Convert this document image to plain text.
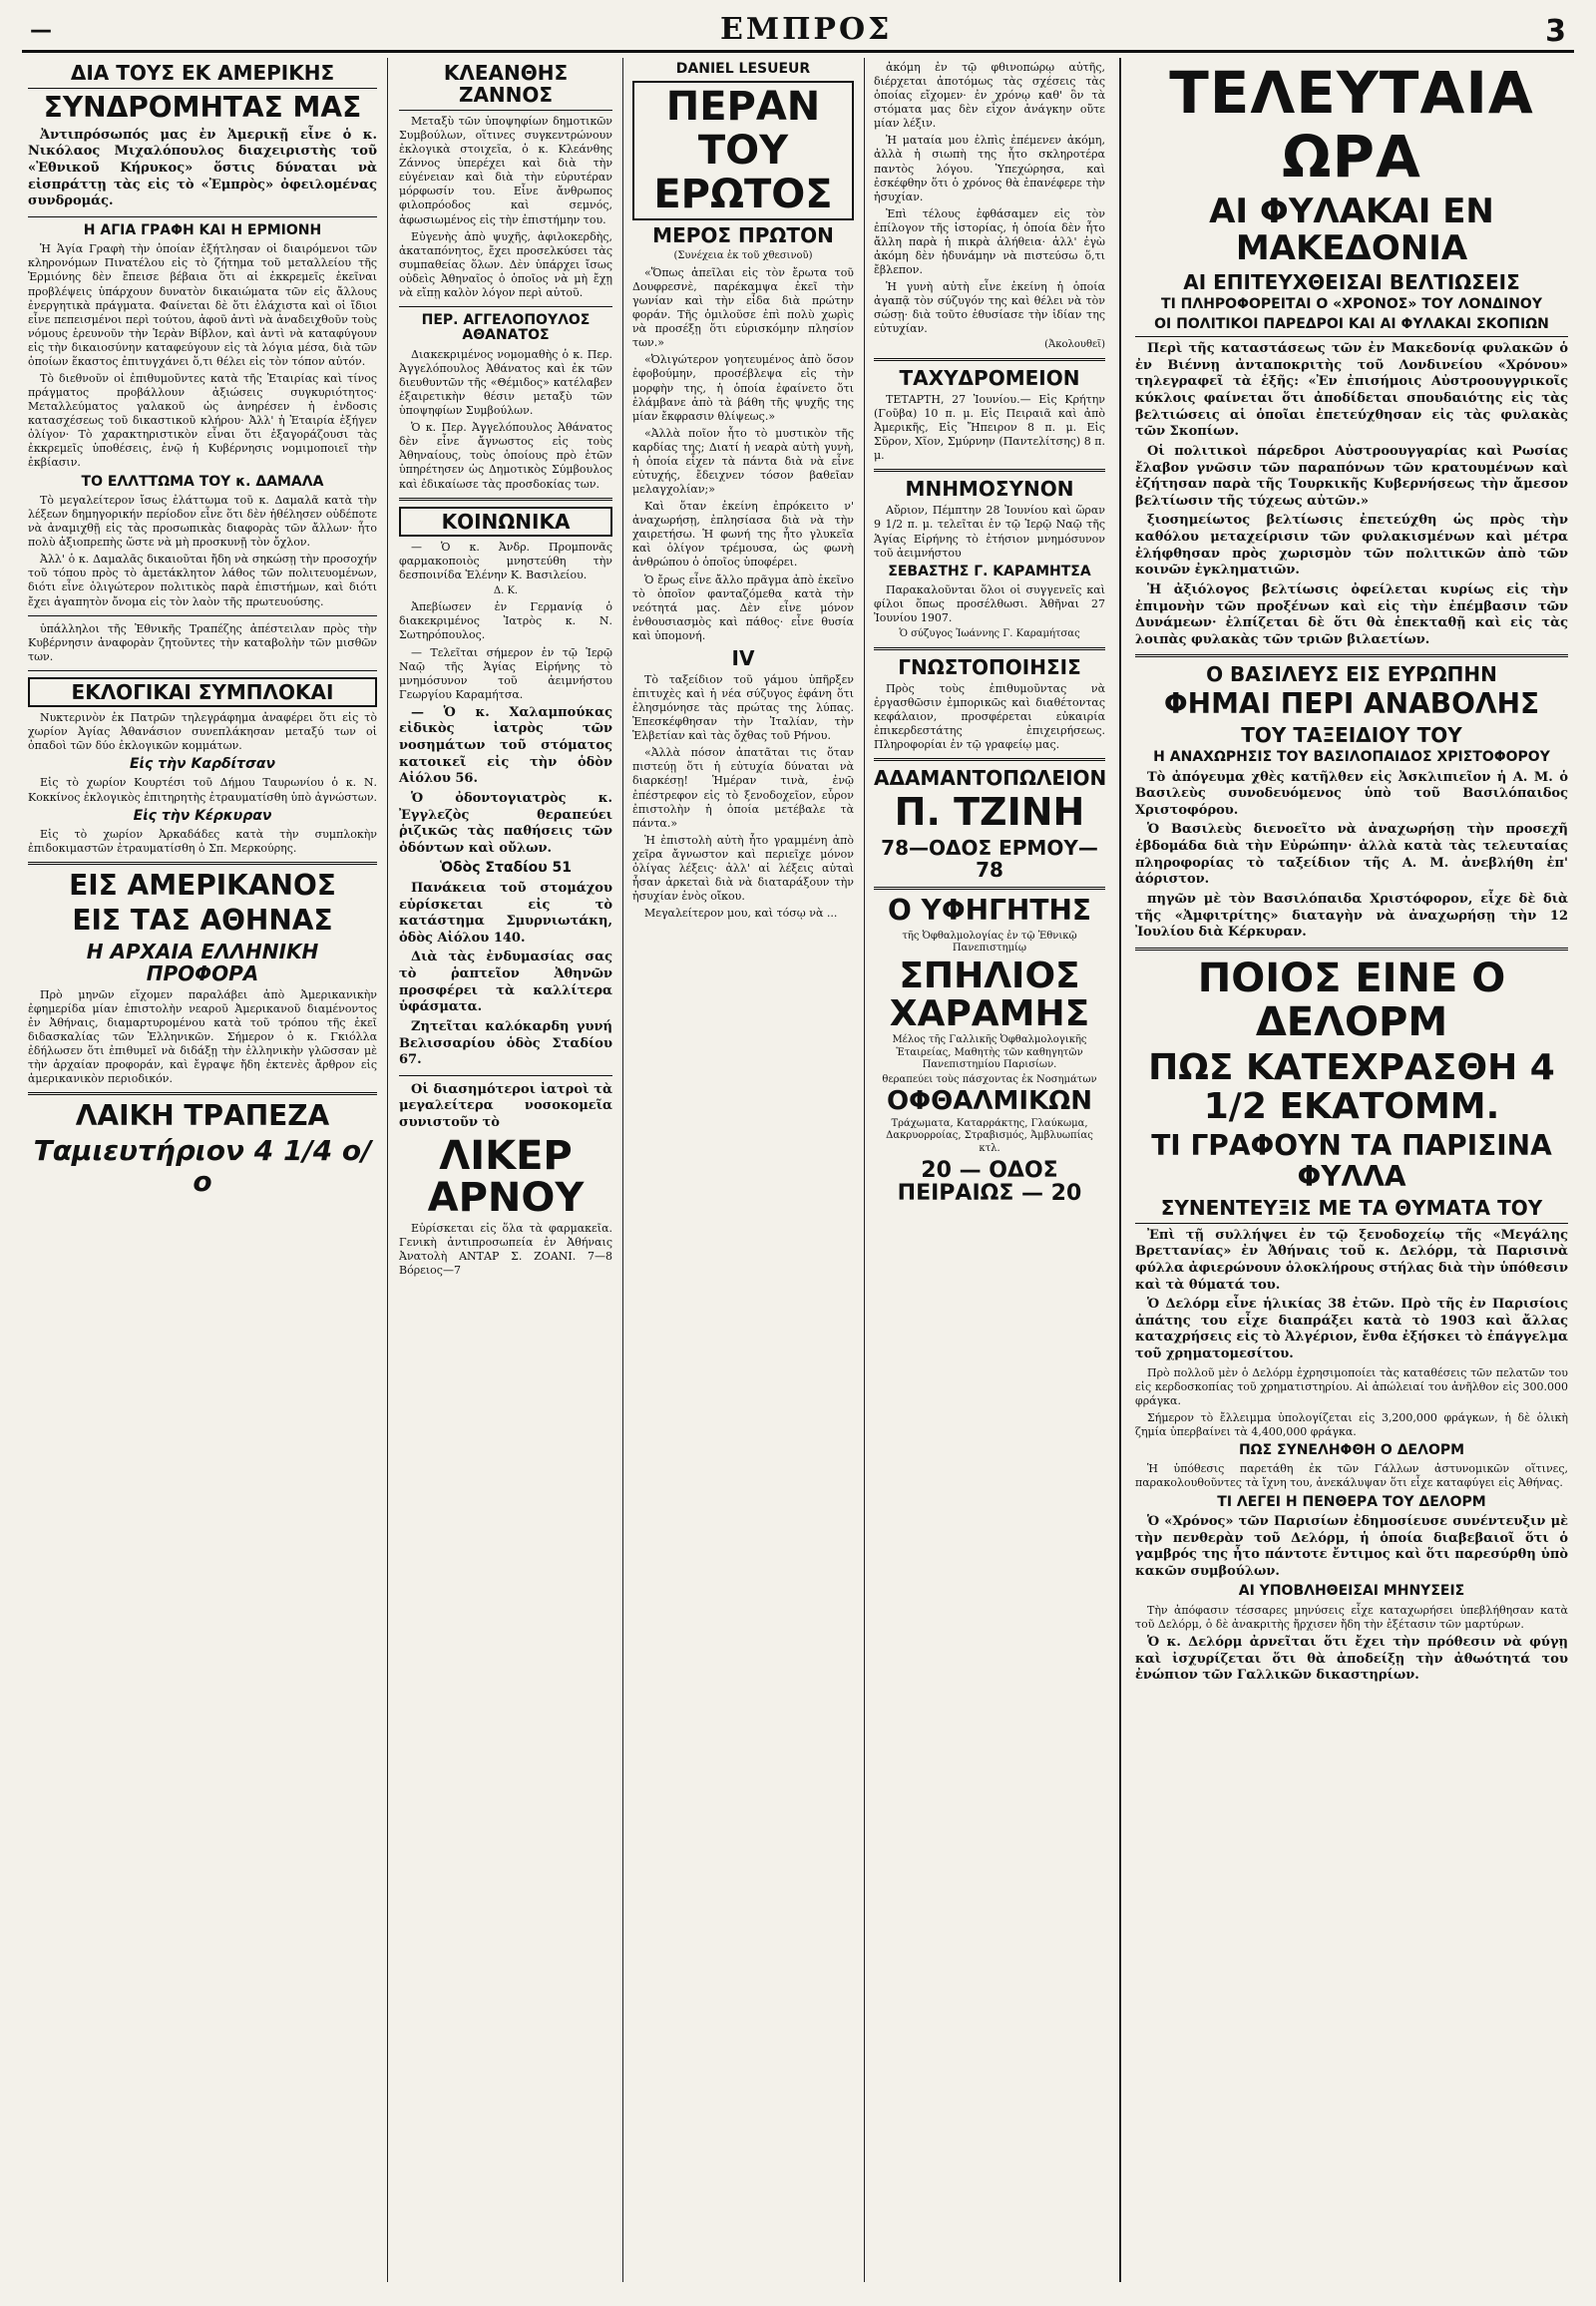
—	ΕΜΠΡΟΣ	3
ΔΙΑ ΤΟΥΣ ΕΚ ΑΜΕΡΙΚΗΣ
ΣΥΝΔΡΟΜΗΤΑΣ ΜΑΣ
Ἀντιπρόσωπός μας ἐν Ἀμερικῇ εἶνε ὁ κ. Νικόλαος Μιχαλόπουλος διαχειριστὴς τοῦ «Ἐθνικοῦ Κήρυκος» ὅστις δύναται νὰ εἰσπράττῃ τὰς εἰς τὸ «Ἐμπρὸς» ὀφειλομένας συνδρομάς.
Η ΑΓΙΑ ΓΡΑΦΗ ΚΑΙ Η ΕΡΜΙΟΝΗ
Ἡ Ἁγία Γραφὴ τὴν ὁποίαν ἐξήτλησαν οἱ διαιρόμενοι τῶν κληρονόμων Πινατέλου εἰς τὸ ζήτημα τοῦ μεταλλείου τῆς Ἑρμιόνης δὲν ἔπεισε βέβαια ὅτι αἱ ἐκκρεμεῖς ἐκεῖναι προβλέψεις ὑπάρχουν δυνατὸν δικαιώματα τῶν εἰς ἄλλους ἐνεργητικὰ πράγματα. Φαίνεται δὲ ὅτι ἐλάχιστα καὶ οἱ ἴδιοι εἶνε πεπεισμένοι περὶ τούτου, ἀφοῦ ἀντὶ νὰ ἀναδειχθοῦν τοὺς νόμους ἐρευνοῦν τὴν Ἱερὰν Βίβλον, καὶ ἀντὶ νὰ καταφύγουν εἰς τὴν δικαιοσύνην καταφεύγουν εἰς τὰ λόγια μέσα, διὰ τῶν ὁποίων ἕκαστος ἐπιτυγχάνει ὅ,τι θέλει εἰς τὸν τόπον αὐτόν.
Τὸ διεθνοῦν οἱ ἐπιθυμοῦντες κατὰ τῆς Ἑταιρίας καὶ τίνος πράγματος προβάλλουν ἀξιώσεις συγκυριότητος· Μεταλλεύματος γαλακοῦ ὡς ἀνηρέσεν ἡ ἐνδοσις κατασχέσεως τοῦ δικαστικοῦ κλήρου· Ἀλλ' ἡ Ἑταιρία ἐξήγεν ὀλίγον· Τὸ χαρακτηριστικὸν εἶναι ὅτι ἐξαγοράζουσι τὰς ἐκκρεμεῖς ὑποθέσεις, ἐνῷ ἡ Κυβέρνησις νομιμοποιεῖ τὴν ἐκβίασιν.
ΤΟ ΕΛΛΤΤΩΜΑ ΤΟΥ κ. ΔΑΜΑΛΑ
Τὸ μεγαλείτερον ἴσως ἐλάττωμα τοῦ κ. Δαμαλᾶ κατὰ τὴν λέξεων δημηγορικήν περίοδον εἶνε ὅτι δὲν ἠθέλησεν οὐδέποτε νὰ ἀναμιχθῇ εἰς τὰς προσωπικὰς διαφορὰς τῶν ἄλλων· ἦτο πολὺ ἀξιοπρεπὴς ὥστε νὰ μὴ προσκυνῇ τὸν ὄχλον.
Ἀλλ' ὁ κ. Δαμαλᾶς δικαιοῦται ἤδη νὰ σηκώσῃ τὴν προσοχήν τοῦ τόπου πρὸς τὸ ἀμετάκλητον λάθος τῶν πολιτευομένων, διότι εἶνε ὀλιγώτερον πολιτικὸς παρὰ ἐπιστήμων, καὶ διότι ἔχει ἀγαπητὸν ὄνομα εἰς τὸν λαὸν τῆς πρωτευούσης.
ὑπάλληλοι τῆς Ἐθνικῆς Τραπέζης ἀπέστειλαν πρὸς τὴν Κυβέρνησιν ἀναφορὰν ζητοῦντες τὴν καταβολὴν τῶν μισθῶν των.
ΕΚΛΟΓΙΚΑΙ ΣΥΜΠΛΟΚΑΙ
Νυκτερινὸν ἐκ Πατρῶν τηλεγράφημα ἀναφέρει ὅτι εἰς τὸ χωρίον Ἀγίας Ἀθανάσιον συνεπλάκησαν μεταξύ των οἱ ὀπαδοὶ τῶν δύο ἐκλογικῶν κομμάτων.
Εἰς τὴν Καρδίτσαν
Εἰς τὸ χωρίον Κουρτέσι τοῦ Δήμου Ταυρωνίου ὁ κ. Ν. Κοκκίνος ἐκλογικὸς ἐπιτηρητὴς ἐτραυματίσθη ὑπὸ ἀγνώστων.
Εἰς τὴν Κέρκυραν
Εἰς τὸ χωρίον Ἀρκαδάδες κατὰ τὴν συμπλοκὴν ἐπιδοκιμαστῶν ἐτραυματίσθη ὁ Σπ. Μερκούρης.
ΕΙΣ ΑΜΕΡΙΚΑΝΟΣ
ΕΙΣ ΤΑΣ ΑΘΗΝΑΣ
Η ΑΡΧΑΙΑ ΕΛΛΗΝΙΚΗ ΠΡΟΦΟΡΑ
Πρὸ μηνῶν εἴχομεν παραλάβει ἀπὸ Ἀμερικανικὴν ἐφημερίδα μίαν ἐπιστολὴν νεαροῦ Ἀμερικανοῦ διαμένοντος ἐν Ἀθήναις, διαμαρτυρομένου κατὰ τοῦ τρόπου τῆς ἐκεῖ διδασκαλίας τῶν Ἑλληνικῶν. Σήμερον ὁ κ. Γκιόλλα ἐδήλωσεν ὅτι ἐπιθυμεῖ νὰ διδάξῃ τὴν ἑλληνικὴν γλῶσσαν μὲ τὴν ἀρχαίαν προφοράν, καὶ ἔγραψε ἤδη ἐκτενὲς ἄρθρον εἰς ἀμερικανικὸν περιοδικόν.
ΛΑΙΚΗ ΤΡΑΠΕΖΑ
Ταμιευτήριον 4 1/4 ο/ο
ΚΛΕΑΝΘΗΣ ΖΑΝΝΟΣ
Μεταξὺ τῶν ὑποψηφίων δημοτικῶν Συμβούλων, οἵτινες συγκεντρώνουν ἐκλογικὰ στοιχεῖα, ὁ κ. Κλεάνθης Ζάννος ὑπερέχει καὶ διὰ τὴν εὐγένειαν καὶ διὰ τὴν εὐρυτέραν μόρφωσίν του. Εἶνε ἄνθρωπος φιλοπρόοδος καὶ σεμνός, ἀφωσιωμένος εἰς τὴν ἐπιστήμην του.
Εὐγενὴς ἀπὸ ψυχῆς, ἀφιλοκερδὴς, ἀκαταπόνητος, ἔχει προσελκύσει τὰς συμπαθείας ὅλων. Δὲν ὑπάρχει ἴσως οὐδεὶς Ἀθηναῖος ὁ ὁποῖος νὰ μὴ ἔχῃ νὰ εἴπῃ καλὸν λόγον περὶ αὐτοῦ.
ΠΕΡ. ΑΓΓΕΛΟΠΟΥΛΟΣ ΑΘΑΝΑΤΟΣ
Διακεκριμένος νομομαθὴς ὁ κ. Περ. Ἀγγελόπουλος Ἀθάνατος καὶ ἐκ τῶν διευθυντῶν τῆς «Θέμιδος» κατέλαβεν ἐξαιρετικὴν θέσιν μεταξὺ τῶν ὑποψηφίων Συμβούλων.
Ὁ κ. Περ. Ἀγγελόπουλος Ἀθάνατος δὲν εἶνε ἄγνωστος εἰς τοὺς Ἀθηναίους, τοὺς ὁποίους πρὸ ἐτῶν ὑπηρέτησεν ὡς Δημοτικὸς Σύμβουλος καὶ ἐδικαίωσε τὰς προσδοκίας των.
ΚΟΙΝΩΝΙΚΑ
— Ὁ κ. Ἀνδρ. Προμπονᾶς φαρμακοποιὸς μνηστεύθη τὴν δεσποινίδα Ἑλένην Κ. Βασιλείου.
Δ. Κ.
Ἀπεβίωσεν ἐν Γερμανίᾳ ὁ διακεκριμένος Ἰατρὸς κ. Ν. Σωτηρόπουλος.
— Τελεῖται σήμερον ἐν τῷ Ἱερῷ Ναῷ τῆς Ἁγίας Εἰρήνης τὸ μνημόσυνον τοῦ ἀειμνήστου Γεωργίου Καραμήτσα.
— Ὁ κ. Χαλαμπούκας εἰδικὸς ἰατρὸς τῶν νοσημάτων τοῦ στόματος κατοικεῖ εἰς τὴν ὁδὸν Αἰόλου 56.
Ὁ ὀδοντογιατρὸς κ. Ἐγγλεζὸς θεραπεύει ῥιζικῶς τὰς παθήσεις τῶν ὀδόντων καὶ οὔλων.
Ὁδὸς Σταδίου 51
Πανάκεια τοῦ στομάχου εὑρίσκεται εἰς τὸ κατάστημα Σμυρνιωτάκη, ὁδὸς Αἰόλου 140.
Διὰ τὰς ἐνδυμασίας σας τὸ ῥαπτεῖον Ἀθηνῶν προσφέρει τὰ καλλίτερα ὑφάσματα.
Ζητεῖται καλόκαρδη γυνή Βελισσαρίου ὁδὸς Σταδίου 67.
Οἱ διασημότεροι ἰατροὶ τὰ μεγαλείτερα νοσοκομεῖα συνιστοῦν τὸ
ΛΙΚΕΡ ΑΡΝΟΥ
Εὑρίσκεται εἰς ὅλα τὰ φαρμακεῖα. Γενικὴ ἀντιπροσωπεία ἐν Ἀθήναις Ἀνατολὴ ΑΝΤΑΡ Σ. ΖΟΑΝΙ. 7—8 Βόρειος—7
DANIEL LESUEUR
ΠΕΡΑΝ ΤΟΥ ΕΡΩΤΟΣ
ΜΕΡΟΣ ΠΡΩΤΟΝ
(Συνέχεια ἐκ τοῦ χθεσινοῦ)
«Ὅπως ἀπεῖλαι εἰς τὸν ἔρωτα τοῦ Δουφρεσνὲ, παρέκαμψα ἐκεῖ τὴν γωνίαν καὶ τὴν εἶδα διὰ πρώτην φοράν. Τῆς ὁμιλοῦσε ἐπὶ πολὺ χωρὶς νὰ προσέξῃ ὅτι εὑρισκόμην πλησίον των.»
«Ὀλιγώτερον γοητευμένος ἀπὸ ὅσον ἐφοβούμην, προσέβλεψα εἰς τὴν μορφὴν της, ἡ ὁποία ἐφαίνετο ὅτι ἐλάμβανε ἀπὸ τὰ βάθη τῆς ψυχῆς της μίαν ἔκφρασιν θλίψεως.»
«Ἀλλὰ ποῖον ἦτο τὸ μυστικὸν τῆς καρδίας της; Διατί ἡ νεαρὰ αὐτὴ γυνὴ, ἡ ὁποία εἶχεν τὰ πάντα διὰ νὰ εἶνε εὐτυχής, ἔδειχνεν τόσον βαθεῖαν μελαγχολίαν;»
Καὶ ὅταν ἐκείνη ἐπρόκειτο ν' ἀναχωρήσῃ, ἐπλησίασα διὰ νὰ τὴν χαιρετήσω. Ἡ φωνή της ἦτο γλυκεῖα καὶ ὀλίγον τρέμουσα, ὡς φωνὴ ἀνθρώπου ὁ ὁποῖος ὑποφέρει.
Ὁ ἔρως εἶνε ἄλλο πρᾶγμα ἀπὸ ἐκεῖνο τὸ ὁποῖον φανταζόμεθα κατὰ τὴν νεότητά μας. Δὲν εἶνε μόνον ἐνθουσιασμὸς καὶ πάθος· εἶνε θυσία καὶ ὑπομονή.
IV
Τὸ ταξείδιον τοῦ γάμου ὑπῆρξεν ἐπιτυχὲς καὶ ἡ νέα σύζυγος ἐφάνη ὅτι ἐλησμόνησε τὰς πρώτας της λύπας. Ἐπεσκέφθησαν τὴν Ἰταλίαν, τὴν Ἑλβετίαν καὶ τὰς ὄχθας τοῦ Ρήνου.
«Ἀλλὰ πόσον ἀπατᾶται τις ὅταν πιστεύῃ ὅτι ἡ εὐτυχία δύναται νὰ διαρκέσῃ! Ἡμέραν τινὰ, ἐνῷ ἐπέστρεφον εἰς τὸ ξενοδοχεῖον, εὗρον ἐπιστολὴν ἡ ὁποία μετέβαλε τὰ πάντα.»
Ἡ ἐπιστολὴ αὐτὴ ἦτο γραμμένη ἀπὸ χεῖρα ἄγνωστον καὶ περιεῖχε μόνον ὀλίγας λέξεις· ἀλλ' αἱ λέξεις αὐταὶ ἦσαν ἀρκεταὶ διὰ νὰ διαταράξουν τὴν ἡσυχίαν ἑνὸς οἴκου.
Μεγαλείτερον μου, καὶ τόσῳ νὰ ...
ἀκόμη ἐν τῷ φθινοπώρῳ αὐτῆς, διέρχεται ἀποτόμως τὰς σχέσεις τὰς ὁποίας εἴχομεν· ἐν χρόνῳ καθ' ὃν τὰ στόματα μας δὲν εἶχον ἀνάγκην οὔτε μίαν λέξιν.
Ἡ ματαία μου ἐλπὶς ἐπέμενεν ἀκόμη, ἀλλὰ ἡ σιωπὴ της ἦτο σκληροτέρα παντὸς λόγου. Ὑπεχώρησα, καὶ ἐσκέφθην ὅτι ὁ χρόνος θὰ ἐπανέφερε τὴν ἡσυχίαν.
Ἐπὶ τέλους ἐφθάσαμεν εἰς τὸν ἐπίλογον τῆς ἱστορίας, ἡ ὁποία δὲν ἦτο ἄλλη παρὰ ἡ πικρὰ ἀλήθεια· ἀλλ' ἐγὼ ἀκόμη δὲν ἠδυνάμην νὰ πιστεύσω ὅ,τι ἔβλεπον.
Ἡ γυνὴ αὐτὴ εἶνε ἐκείνη ἡ ὁποία ἀγαπᾷ τὸν σύζυγόν της καὶ θέλει νὰ τὸν σώσῃ· διὰ τοῦτο ἐθυσίασε τὴν ἰδίαν της εὐτυχίαν.
(Ἀκολουθεῖ)
ΤΑΧΥΔΡΟΜΕΙΟΝ
ΤΕΤΑΡΤΗ, 27 Ἰουνίου.— Εἰς Κρήτην (Γοῦβα) 10 π. μ. Εἰς Πειραιᾶ καὶ ἀπὸ Ἀμερικῆς, Εἰς Ἤπειρον 8 π. μ. Εἰς Σῦρον, Χῖον, Σμύρνην (Παντελίτσης) 8 π. μ.
ΜΝΗΜΟΣΥΝΟΝ
Αὔριον, Πέμπτην 28 Ἰουνίου καὶ ὥραν 9 1/2 π. μ. τελεῖται ἐν τῷ Ἱερῷ Ναῷ τῆς Ἁγίας Εἰρήνης τὸ ἐτήσιον μνημόσυνον τοῦ ἀειμνήστου
ΣΕΒΑΣΤΗΣ Γ. ΚΑΡΑΜΗΤΣΑ
Παρακαλοῦνται ὅλοι οἱ συγγενεῖς καὶ φίλοι ὅπως προσέλθωσι. Ἀθῆναι 27 Ἰουνίου 1907.
Ὁ σύζυγος Ἰωάννης Γ. Καραμήτσας
ΓΝΩΣΤΟΠΟΙΗΣΙΣ
Πρὸς τοὺς ἐπιθυμοῦντας νὰ ἐργασθῶσιν ἐμπορικῶς καὶ διαθέτοντας κεφάλαιον, προσφέρεται εὐκαιρία ἐπικερδεστάτης ἐπιχειρήσεως. Πληροφορίαι ἐν τῷ γραφείῳ μας.
ΑΔΑΜΑΝΤΟΠΩΛΕΙΟΝ
Π. ΤΖΙΝΗ
78—ΟΔΟΣ ΕΡΜΟΥ—78
Ο ΥΦΗΓΗΤΗΣ
τῆς Ὀφθαλμολογίας ἐν τῷ Ἐθνικῷ Πανεπιστημίῳ
ΣΠΗΛΙΟΣ ΧΑΡΑΜΗΣ
Μέλος τῆς Γαλλικῆς Ὀφθαλμολογικῆς Ἑταιρείας, Μαθητὴς τῶν καθηγητῶν Πανεπιστημίου Παρισίων.
θεραπεύει τοὺς πάσχοντας ἐκ Νοσημάτων
ΟΦΘΑΛΜΙΚΩΝ
Τράχωματα, Καταρράκτης, Γλαύκωμα, Δακρυορροίας, Στραβισμός, Ἀμβλυωπίας κτλ.
20 — ΟΔΟΣ ΠΕΙΡΑΙΩΣ — 20
ΤΕΛΕΥΤΑΙΑ ΩΡΑ
ΑΙ ΦΥΛΑΚΑΙ ΕΝ ΜΑΚΕΔΟΝΙΑ
ΑΙ ΕΠΙΤΕΥΧΘΕΙΣΑΙ ΒΕΛΤΙΩΣΕΙΣ
ΤΙ ΠΛΗΡΟΦΟΡΕΙΤΑΙ Ο «ΧΡΟΝΟΣ» ΤΟΥ ΛΟΝΔΙΝΟΥ
ΟΙ ΠΟΛΙΤΙΚΟΙ ΠΑΡΕΔΡΟΙ ΚΑΙ ΑΙ ΦΥΛΑΚΑΙ ΣΚΟΠΙΩΝ
Περὶ τῆς καταστάσεως τῶν ἐν Μακεδονίᾳ φυλακῶν ὁ ἐν Βιέννῃ ἀνταποκριτὴς τοῦ Λονδινείου «Χρόνου» τηλεγραφεῖ τὰ ἑξῆς: «Ἐν ἐπισήμοις Αὐστροουγγρικοῖς κύκλοις φαίνεται ὅτι ἀποδίδεται σπουδαιότης εἰς τὰς βελτιώσεις αἱ ὁποῖαι ἐπετεύχθησαν εἰς τὰς φυλακὰς τῶν Σκοπίων.
Οἱ πολιτικοὶ πάρεδροι Αὐστροουγγαρίας καὶ Ρωσίας ἔλαβον γνῶσιν τῶν παραπόνων τῶν κρατουμένων καὶ ἐζήτησαν παρὰ τῆς Τουρκικῆς Κυβερνήσεως τὴν ἄμεσον βελτίωσιν τῆς τύχεως αὐτῶν.»
ξιοσημείωτος βελτίωσις ἐπετεύχθη ὡς πρὸς τὴν καθόλου μεταχείρισιν τῶν φυλακισμένων καὶ μέτρα ἐλήφθησαν πρὸς χωρισμὸν τῶν πολιτικῶν ἀπὸ τῶν κοινῶν ἐγκληματιῶν.
Ἡ ἀξιόλογος βελτίωσις ὀφείλεται κυρίως εἰς τὴν ἐπιμονὴν τῶν προξένων καὶ εἰς τὴν ἐπέμβασιν τῶν Δυνάμεων· ἐλπίζεται δὲ ὅτι θὰ ἐπεκταθῇ καὶ εἰς τὰς λοιπὰς φυλακὰς τῶν τριῶν βιλαετίων.
Ο ΒΑΣΙΛΕΥΣ ΕΙΣ ΕΥΡΩΠΗΝ
ΦΗΜΑΙ ΠΕΡΙ ΑΝΑΒΟΛΗΣ
ΤΟΥ ΤΑΞΕΙΔΙΟΥ ΤΟΥ
Η ΑΝΑΧΩΡΗΣΙΣ ΤΟΥ ΒΑΣΙΛΟΠΑΙΔΟΣ ΧΡΙΣΤΟΦΟΡΟΥ
Τὸ ἀπόγευμα χθὲς κατῆλθεν εἰς Ἀσκλιπιεῖον ἡ Α. Μ. ὁ Βασιλεὺς συνοδευόμενος ὑπὸ τοῦ Βασιλόπαιδος Χριστοφόρου.
Ὁ Βασιλεὺς διενοεῖτο νὰ ἀναχωρήσῃ τὴν προσεχῆ ἑβδομάδα διὰ τὴν Εὐρώπην· ἀλλὰ κατὰ τὰς τελευταίας πληροφορίας τὸ ταξείδιον τῆς Α. Μ. ἀνεβλήθη ἐπ' ἀόριστον.
πηγῶν μὲ τὸν Βασιλόπαιδα Χριστόφορον, εἶχε δὲ διὰ τῆς «Ἀμφιτρίτης» διαταγὴν νὰ ἀναχωρήσῃ τὴν 12 Ἰουλίου διὰ Κέρκυραν.
ΠΟΙΟΣ ΕΙΝΕ Ο ΔΕΛΟΡΜ
ΠΩΣ ΚΑΤΕΧΡΑΣΘΗ 4 1/2 ΕΚΑΤΟΜΜ.
ΤΙ ΓΡΑΦΟΥΝ ΤΑ ΠΑΡΙΣΙΝΑ ΦΥΛΛΑ
ΣΥΝΕΝΤΕΥΞΙΣ ΜΕ ΤΑ ΘΥΜΑΤΑ ΤΟΥ
Ἐπὶ τῇ συλλήψει ἐν τῷ ξενοδοχείῳ τῆς «Μεγάλης Βρεττανίας» ἐν Ἀθήναις τοῦ κ. Δελόρμ, τὰ Παρισινὰ φύλλα ἀφιερώνουν ὁλοκλήρους στήλας διὰ τὴν ὑπόθεσιν καὶ τὰ θύματά του.
Ὁ Δελόρμ εἶνε ἡλικίας 38 ἐτῶν. Πρὸ τῆς ἐν Παρισίοις ἀπάτης του εἶχε διαπράξει κατὰ τὸ 1903 καὶ ἄλλας καταχρήσεις εἰς τὸ Ἀλγέριον, ἔνθα ἐξήσκει τὸ ἐπάγγελμα τοῦ χρηματομεσίτου.
Πρὸ πολλοῦ μὲν ὁ Δελόρμ ἐχρησιμοποίει τὰς καταθέσεις τῶν πελατῶν του εἰς κερδοσκοπίας τοῦ χρηματιστηρίου. Αἱ ἀπώλειαί του ἀνῆλθον εἰς 300.000 φράγκα.
Σήμερον τὸ ἔλλειμμα ὑπολογίζεται εἰς 3,200,000 φράγκων, ἡ δὲ ὁλικὴ ζημία ὑπερβαίνει τὰ 4,400,000 φράγκα.
ΠΩΣ ΣΥΝΕΛΗΦΘΗ Ο ΔΕΛΟΡΜ
Ἡ ὑπόθεσις παρετάθη ἐκ τῶν Γάλλων ἀστυνομικῶν οἵτινες, παρακολουθοῦντες τὰ ἴχνη του, ἀνεκάλυψαν ὅτι εἶχε καταφύγει εἰς Ἀθήνας.
ΤΙ ΛΕΓΕΙ Η ΠΕΝΘΕΡΑ ΤΟΥ ΔΕΛΟΡΜ
Ὁ «Χρόνος» τῶν Παρισίων ἐδημοσίευσε συνέντευξιν μὲ τὴν πενθερὰν τοῦ Δελόρμ, ἡ ὁποία διαβεβαιοῖ ὅτι ὁ γαμβρός της ἦτο πάντοτε ἔντιμος καὶ ὅτι παρεσύρθη ὑπὸ κακῶν συμβούλων.
ΑΙ ΥΠΟΒΛΗΘΕΙΣΑΙ ΜΗΝΥΣΕΙΣ
Τὴν ἀπόφασιν τέσσαρες μηνύσεις εἶχε καταχωρήσει ὑπεβλήθησαν κατὰ τοῦ Δελόρμ, ὁ δὲ ἀνακριτὴς ἤρχισεν ἤδη τὴν ἐξέτασιν τῶν μαρτύρων.
Ὁ κ. Δελόρμ ἀρνεῖται ὅτι ἔχει τὴν πρόθεσιν νὰ φύγῃ καὶ ἰσχυρίζεται ὅτι θὰ ἀποδείξῃ τὴν ἀθωότητά του ἐνώπιον τῶν Γαλλικῶν δικαστηρίων.
